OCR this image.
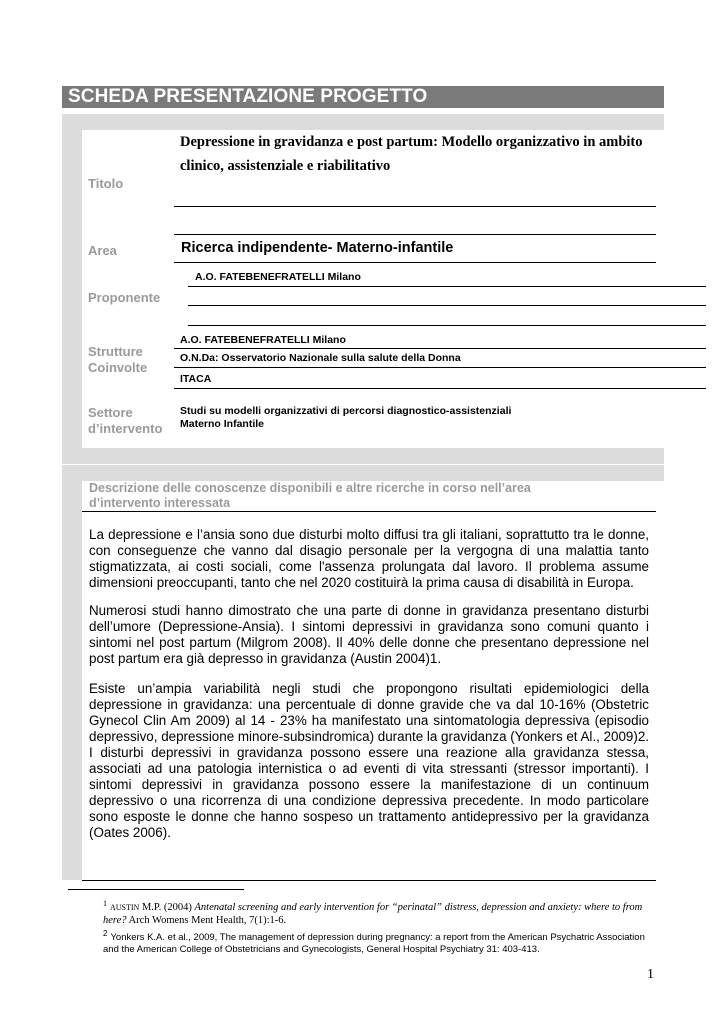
SCHEDA PRESENTAZIONE PROGETTO
Titolo
Depressione in gravidanza e post partum: Modello organizzativo in ambito clinico, assistenziale e riabilitativo
Area	Ricerca indipendente- Materno-infantile
Proponente
A.O. FATEBENEFRATELLI Milano
Strutture
Coinvolte
A.O. FATEBENEFRATELLI Milano
O.N.Da: Osservatorio Nazionale sulla salute della Donna
ITACA
Settore
d’intervento
Studi su modelli organizzativi di percorsi diagnostico-assistenziali
Materno Infantile
Descrizione delle conoscenze disponibili e altre ricerche in corso nell’area d’intervento interessata
La depressione e l’ansia sono due disturbi molto diffusi tra gli italiani, soprattutto tra le donne, con conseguenze che vanno dal disagio personale per la vergogna di una malattia tanto stigmatizzata, ai costi sociali, come l'assenza prolungata dal lavoro. Il problema assume dimensioni preoccupanti, tanto che nel 2020 costituirà la prima causa di disabilità in Europa.
Numerosi studi hanno dimostrato che una parte di donne in gravidanza presentano disturbi dell’umore (Depressione-Ansia). I sintomi depressivi in gravidanza sono comuni quanto i sintomi nel post partum (Milgrom 2008). Il 40% delle donne che presentano depressione nel post partum era già depresso in gravidanza (Austin 2004)1.
Esiste un’ampia variabilità negli studi che propongono risultati epidemiologici della depressione in gravidanza: una percentuale di donne gravide che va dal 10-16% (Obstetric Gynecol Clin Am 2009) al 14 - 23% ha manifestato una sintomatologia depressiva (episodio depressivo, depressione minore-subsindromica) durante la gravidanza (Yonkers et Al., 2009)2. I disturbi depressivi in gravidanza possono essere una reazione alla gravidanza stessa, associati ad una patologia internistica o ad eventi di vita stressanti (stressor importanti). I sintomi depressivi in gravidanza possono essere la manifestazione di un continuum depressivo o una ricorrenza di una condizione depressiva precedente. In modo particolare sono esposte le donne che hanno sospeso un trattamento antidepressivo per la gravidanza (Oates 2006).
$^1$ AUSTIN M.P. (2004) Antenatal screening and early intervention for “perinatal” distress, depression and anxiety: where to from here? Arch Womens Ment Health, 7(1):1-6.
$^2$ Yonkers K.A. et al., 2009, The management of depression during pregnancy: a report from the American Psychatric Association and the American College of Obstetricians and Gynecologists, General Hospital Psychiatry 31: 403-413.
1
